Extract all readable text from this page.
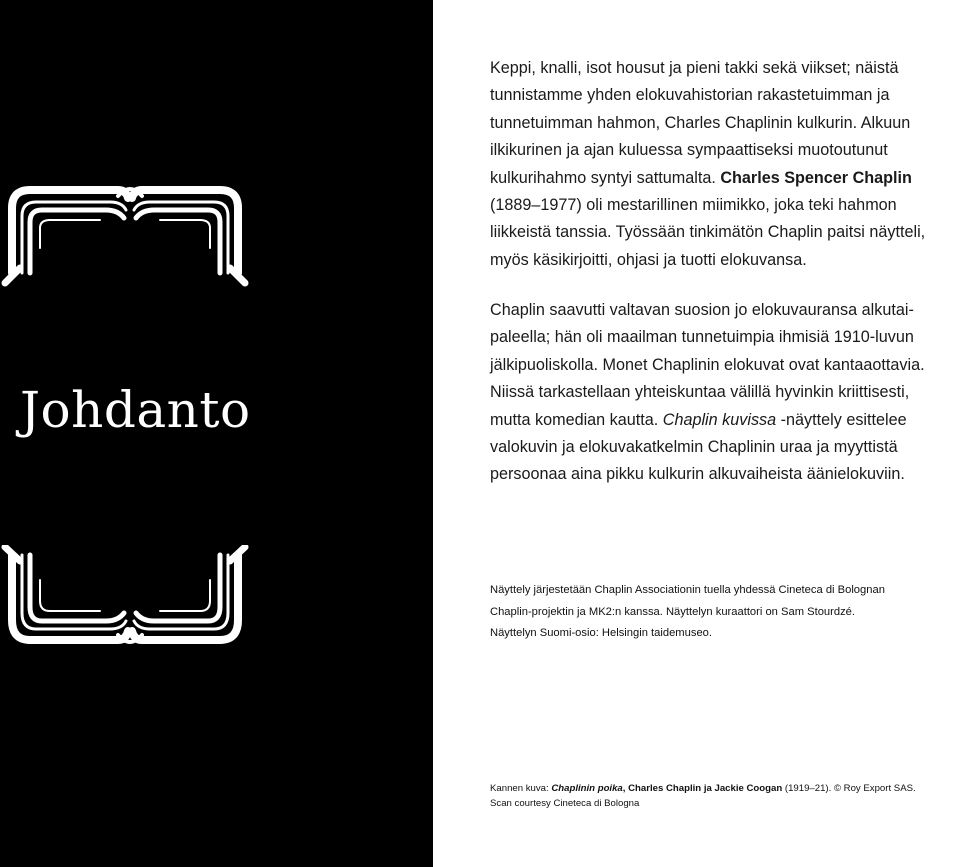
Johdanto
Keppi, knalli, isot housut ja pieni takki sekä viikset; näistä tunnistamme yhden elokuvahistorian rakastetuimman ja tunnetuimman hahmon, Charles Chaplinin kulkurin. Alkuun ilkikurinen ja ajan kuluessa sympaattiseksi muotoutunut kulkurihahmo syntyi sattumalta. Charles Spencer Chaplin (1889–1977) oli mestarillinen miimikko, joka teki hahmon liikkeistä tanssia. Työssään tinkimätön Chaplin paitsi näytteli, myös käsikirjoitti, ohjasi ja tuotti elokuvansa.
Chaplin saavutti valtavan suosion jo elokuvauransa alkutaipaleella; hän oli maailman tunnetuimpia ihmisiä 1910-luvun jälkipuoliskolla. Monet Chaplinin elokuvat ovat kantaaottavia. Niissä tarkastellaan yhteiskuntaa välillä hyvinkin kriittisesti, mutta komedian kautta. Chaplin kuvissa -näyttely esittelee valokuvin ja elokuvakatkelmin Chaplinin uraa ja myyttistä persoonaa aina pikku kulkurin alkuvaiheista äänielokuviin.

Näyttely järjestetään Chaplin Associationin tuella yhdessä Cineteca di Bolognan

Chaplin-projektin ja MK2:n kanssa. Näyttelyn kuraattori on Sam Stourdzé.

Näyttelyn Suomi-osio: Helsingin taidemuseo.

Kannen kuva: Chaplinin poika, Charles Chaplin ja Jackie Coogan (1919–21). © Roy Export SAS.

Scan courtesy Cineteca di Bologna
